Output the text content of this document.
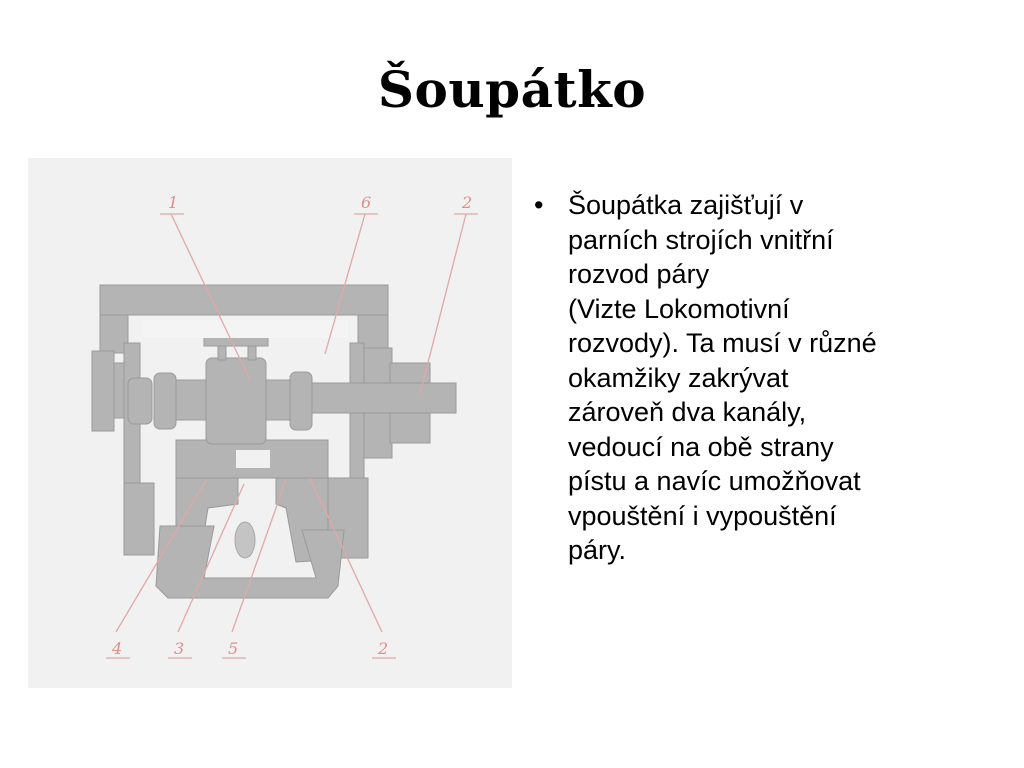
Šoupátko
1	6	2
4	3	5	2
• Šoupátka zajišťují v
parních strojích vnitřní
rozvod páry
(Vizte Lokomotivní
rozvody). Ta musí v různé
okamžiky zakrývat
zároveň dva kanály,
vedoucí na obě strany
pístu a navíc umožňovat
vpouštění i vypouštění
páry.
